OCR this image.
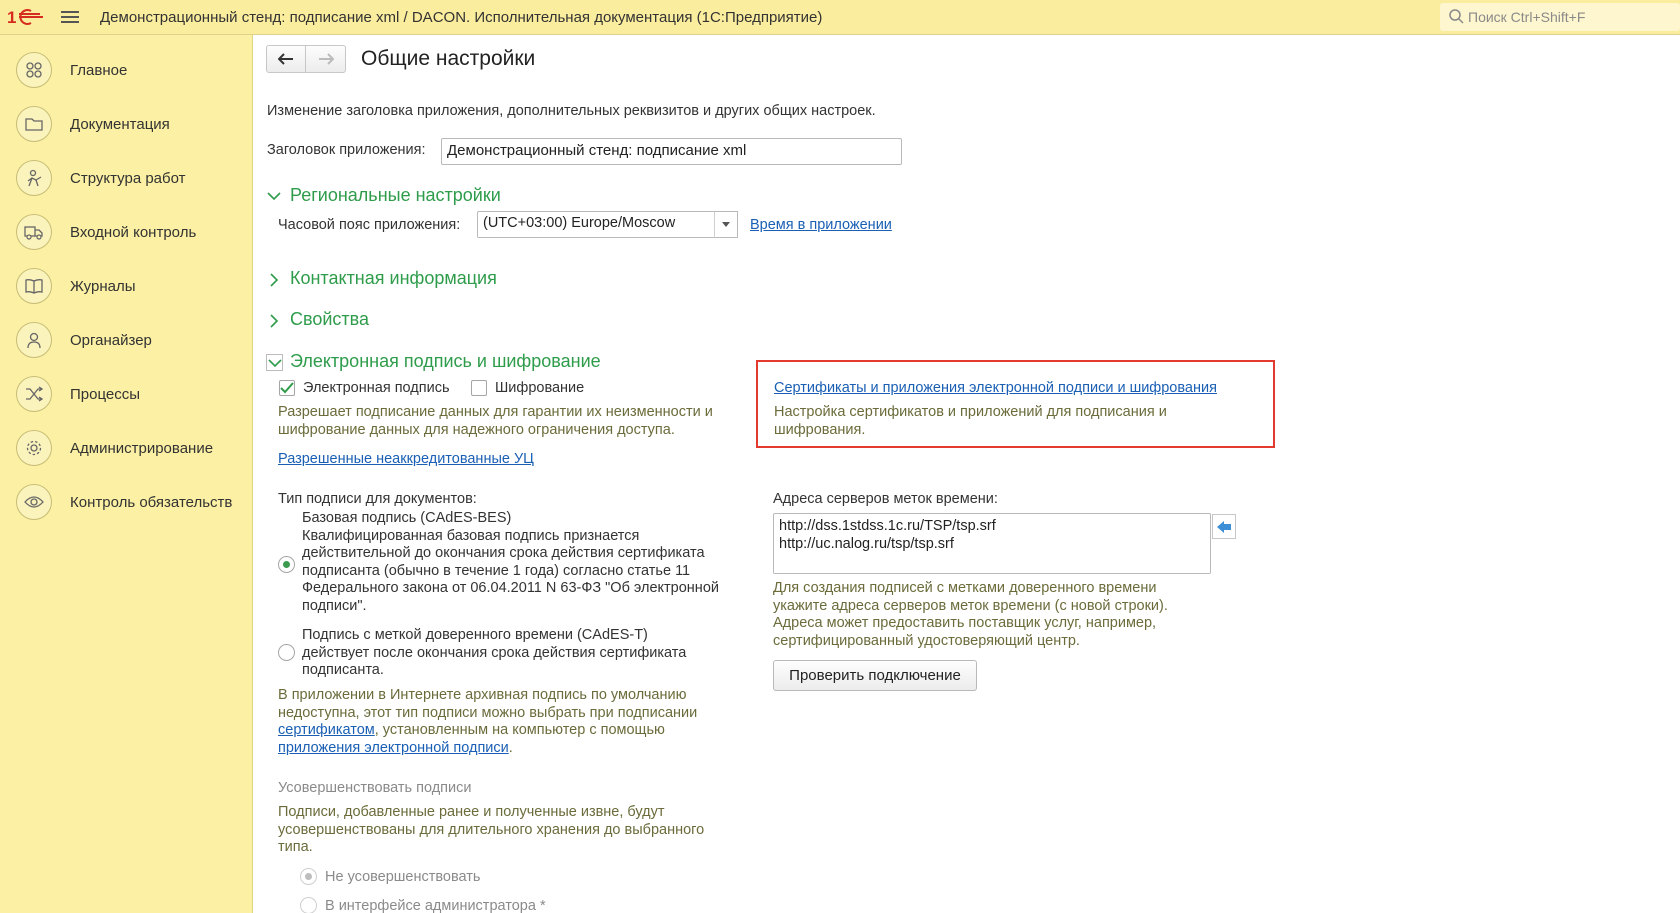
1	Демонстрационный стенд: подписание xml / DACON. Исполнительная документация (1С:Предприятие)	Поиск Ctrl+Shift+F
Главное
Документация
Структура работ
Входной контроль
Журналы
Органайзер
Процессы
Администрирование
Контроль обязательств
Общие настройки
Изменение заголовка приложения, дополнительных реквизитов и других общих настроек.
Заголовок приложения:	Демонстрационный стенд: подписание xml
Региональные настройки
Часовой пояс приложения:	(UTC+03:00) Europe/Moscow	Время в приложении
Контактная информация
Свойства
Электронная подпись и шифрование
Электронная подпись	Шифрование
Разрешает подписание данных для гарантии их неизменности и
шифрование данных для надежного ограничения доступа.
Разрешенные неаккредитованные УЦ
Тип подписи для документов:
Базовая подпись (CAdES-BES)
Квалифицированная базовая подпись признается
действительной до окончания срока действия сертификата
подписанта (обычно в течение 1 года) согласно статье 11
Федерального закона от 06.04.2011 N 63-ФЗ "Об электронной
подписи".
Подпись с меткой доверенного времени (CAdES-T)
действует после окончания срока действия сертификата
подписанта.
В приложении в Интернете архивная подпись по умолчанию
недоступна, этот тип подписи можно выбрать при подписании
сертификатом, установленным на компьютер с помощью
приложения электронной подписи.
Усовершенствовать подписи
Подписи, добавленные ранее и полученные извне, будут
усовершенствованы для длительного хранения до выбранного
типа.
Не усовершенствовать
В интерфейсе администратора *
Сертификаты и приложения электронной подписи и шифрования
Настройка сертификатов и приложений для подписания и
шифрования.
Адреса серверов меток времени:
http://dss.1stdss.1c.ru/TSP/tsp.srf
http://uc.nalog.ru/tsp/tsp.srf
Для создания подписей с метками доверенного времени
укажите адреса серверов меток времени (с новой строки).
Адреса может предоставить поставщик услуг, например,
сертифицированный удостоверяющий центр.
Проверить подключение
